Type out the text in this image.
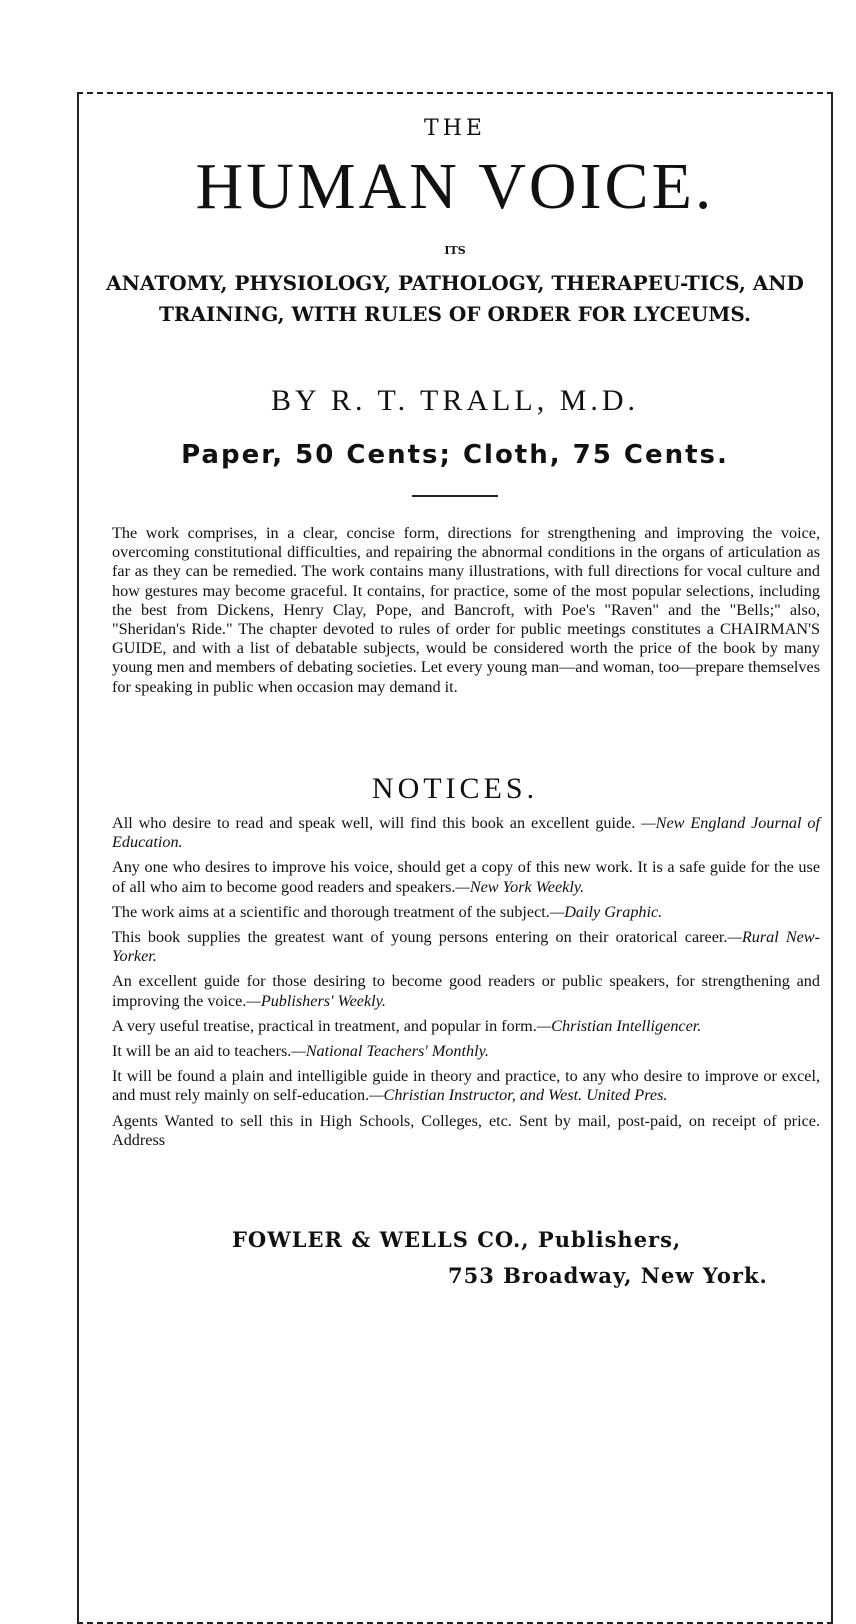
THE
HUMAN VOICE.
ITS
ANATOMY, PHYSIOLOGY, PATHOLOGY, THERAPEU-TICS, AND TRAINING, WITH RULES OF ORDER FOR LYCEUMS.
BY R. T. TRALL, M.D.
Paper, 50 Cents; Cloth, 75 Cents.
The work comprises, in a clear, concise form, directions for strengthening and improving the voice, overcoming constitutional difficulties, and repairing the abnormal conditions in the organs of articulation as far as they can be remedied. The work contains many illustrations, with full directions for vocal culture and how gestures may become graceful. It contains, for practice, some of the most popular selections, including the best from Dickens, Henry Clay, Pope, and Bancroft, with Poe's "Raven" and the "Bells;" also, "Sheridan's Ride." The chapter devoted to rules of order for public meetings constitutes a CHAIRMAN'S GUIDE, and with a list of debatable subjects, would be considered worth the price of the book by many young men and members of debating societies. Let every young man—and woman, too—prepare themselves for speaking in public when occasion may demand it.
NOTICES.

All who desire to read and speak well, will find this book an excellent guide. —New England Journal of Education.

Any one who desires to improve his voice, should get a copy of this new work. It is a safe guide for the use of all who aim to become good readers and speakers.—New York Weekly.

The work aims at a scientific and thorough treatment of the subject.—Daily Graphic.

This book supplies the greatest want of young persons entering on their oratorical career.—Rural New-Yorker.

An excellent guide for those desiring to become good readers or public speakers, for strengthening and improving the voice.—Publishers' Weekly.

A very useful treatise, practical in treatment, and popular in form.—Christian Intelligencer.

It will be an aid to teachers.—National Teachers' Monthly.

It will be found a plain and intelligible guide in theory and practice, to any who desire to improve or excel, and must rely mainly on self-education.—Christian Instructor, and West. United Pres.

Agents Wanted to sell this in High Schools, Colleges, etc. Sent by mail, post-paid, on receipt of price. Address

FOWLER & WELLS CO., Publishers,
753 Broadway, New York.
